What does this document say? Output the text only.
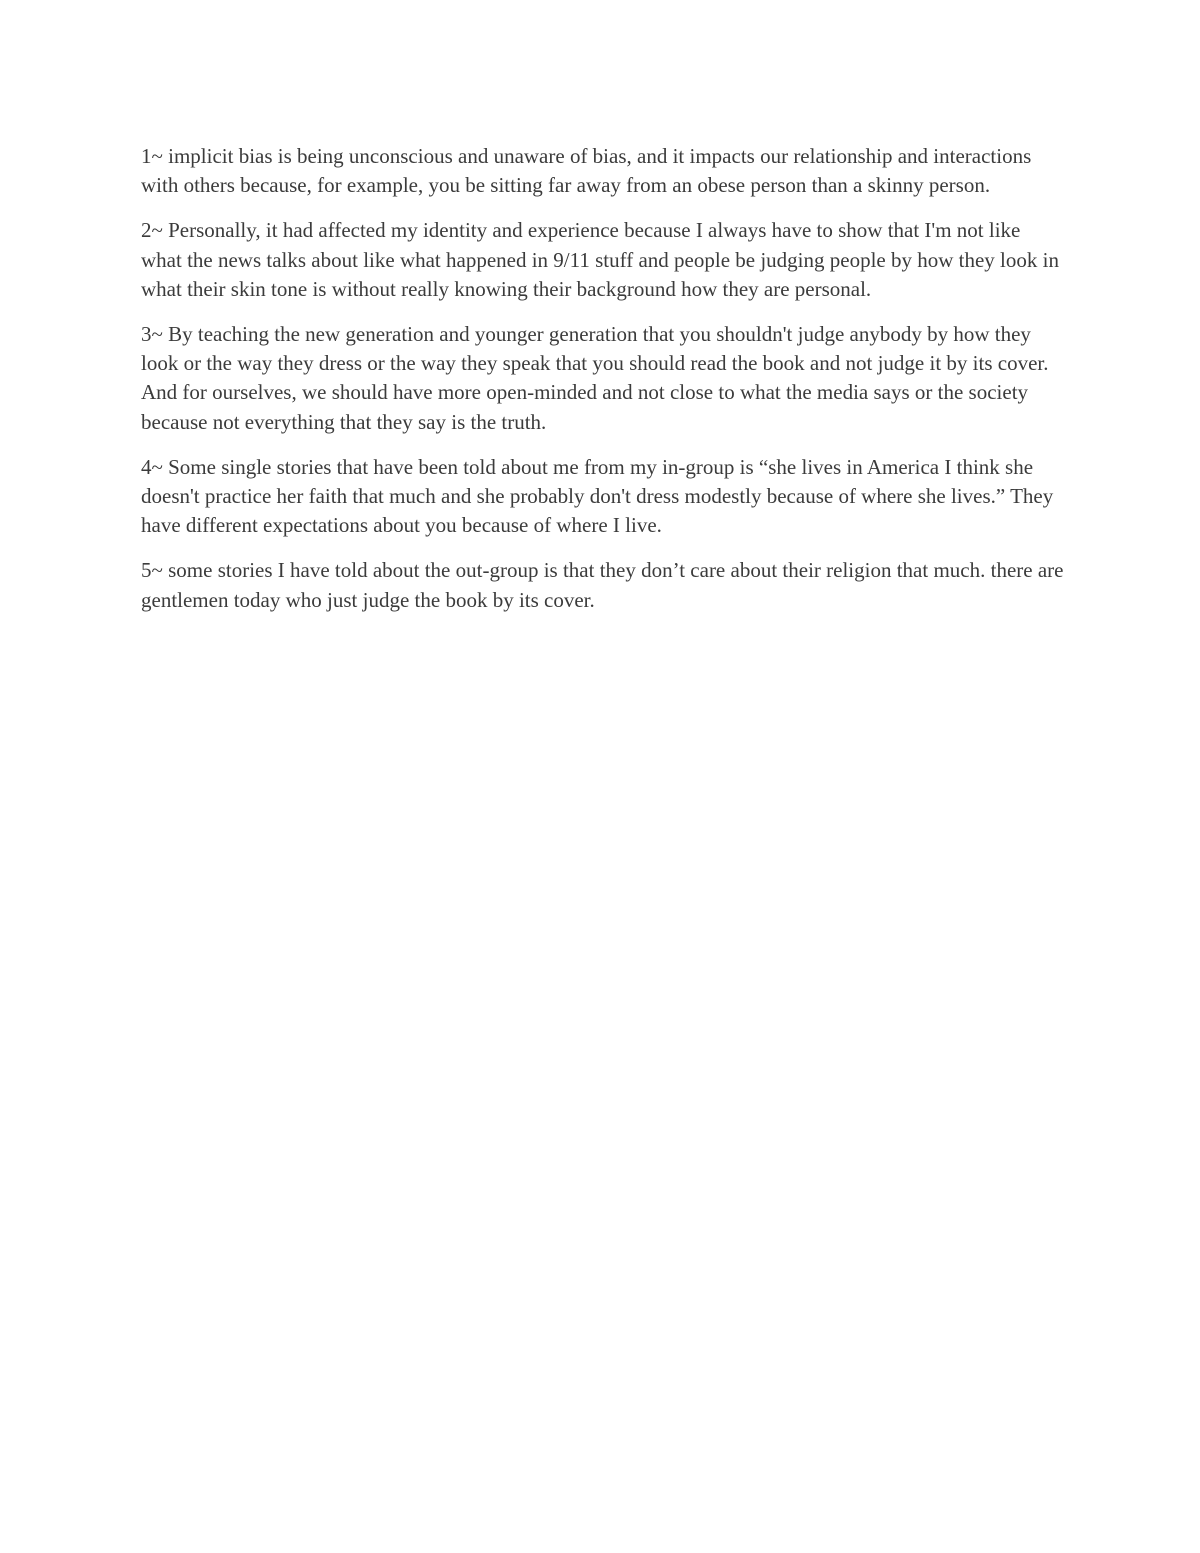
1~ implicit bias is being unconscious and unaware of bias, and it impacts our relationship and interactions with others because, for example, you be sitting far away from an obese person than a skinny person.

2~ Personally, it had affected my identity and experience because I always have to show that I'm not like what the news talks about like what happened in 9/11 stuff and people be judging people by how they look in what their skin tone is without really knowing their background how they are personal.

3~ By teaching the new generation and younger generation that you shouldn't judge anybody by how they look or the way they dress or the way they speak that you should read the book and not judge it by its cover. And for ourselves, we should have more open-minded and not close to what the media says or the society because not everything that they say is the truth.

4~ Some single stories that have been told about me from my in-group is “she lives in America I think she doesn't practice her faith that much and she probably don't dress modestly because of where she lives.” They have different expectations about you because of where I live.

5~ some stories I have told about the out-group is that they don’t care about their religion that much. there are gentlemen today who just judge the book by its cover.
